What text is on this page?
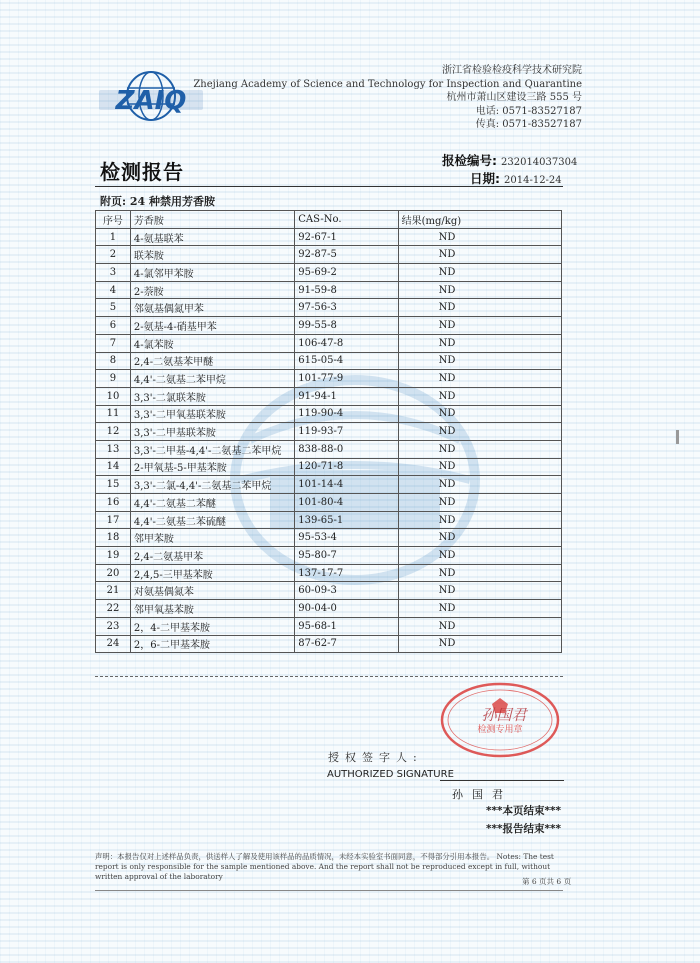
ZAIQ
浙江省检验检疫科学技术研究院
Zhejiang Academy of Science and Technology for Inspection and Quarantine
杭州市萧山区建设三路 555 号
电话: 0571-83527187
传真: 0571-83527187
检测报告	报检编号: 232014037304
日期: 2014-12-24
附页: 24 种禁用芳香胺
序号	芳香胺	CAS-No.	结果(mg/kg)
1	4-氨基联苯	92-67-1	ND
2	联苯胺	92-87-5	ND
3	4-氯邻甲苯胺	95-69-2	ND
4	2-萘胺	91-59-8	ND
5	邻氨基偶氮甲苯	97-56-3	ND
6	2-氨基-4-硝基甲苯	99-55-8	ND
7	4-氯苯胺	106-47-8	ND
8	2,4-二氨基苯甲醚	615-05-4	ND
9	4,4'-二氨基二苯甲烷	101-77-9	ND
10	3,3'-二氯联苯胺	91-94-1	ND
11	3,3'-二甲氧基联苯胺	119-90-4	ND
12	3,3'-二甲基联苯胺	119-93-7	ND
13	3,3'-二甲基-4,4'-二氨基二苯甲烷	838-88-0	ND
14	2-甲氧基-5-甲基苯胺	120-71-8	ND
15	3,3'-二氯-4,4'-二氨基二苯甲烷	101-14-4	ND
16	4,4'-二氨基二苯醚	101-80-4	ND
17	4,4'-二氨基二苯硫醚	139-65-1	ND
18	邻甲苯胺	95-53-4	ND
19	2,4-二氨基甲苯	95-80-7	ND
20	2,4,5-三甲基苯胺	137-17-7	ND
21	对氨基偶氮苯	60-09-3	ND
22	邻甲氧基苯胺	90-04-0	ND
23	2，4-二甲基苯胺	95-68-1	ND
24	2，6-二甲基苯胺	87-62-7	ND
检测专用章
孙国君
授权签字人:
AUTHORIZED SIGNATURE
孙国君
***本页结束***
***报告结束***
声明：本报告仅对上述样品负责，供送样人了解及使用该样品的品质情况，未经本实验室书面同意，不得部分引用本报告。 Notes: The test report is only responsible for the sample mentioned above. And the report shall not be reproduced except in full, without written approval of the laboratory
第 6 页共 6 页
